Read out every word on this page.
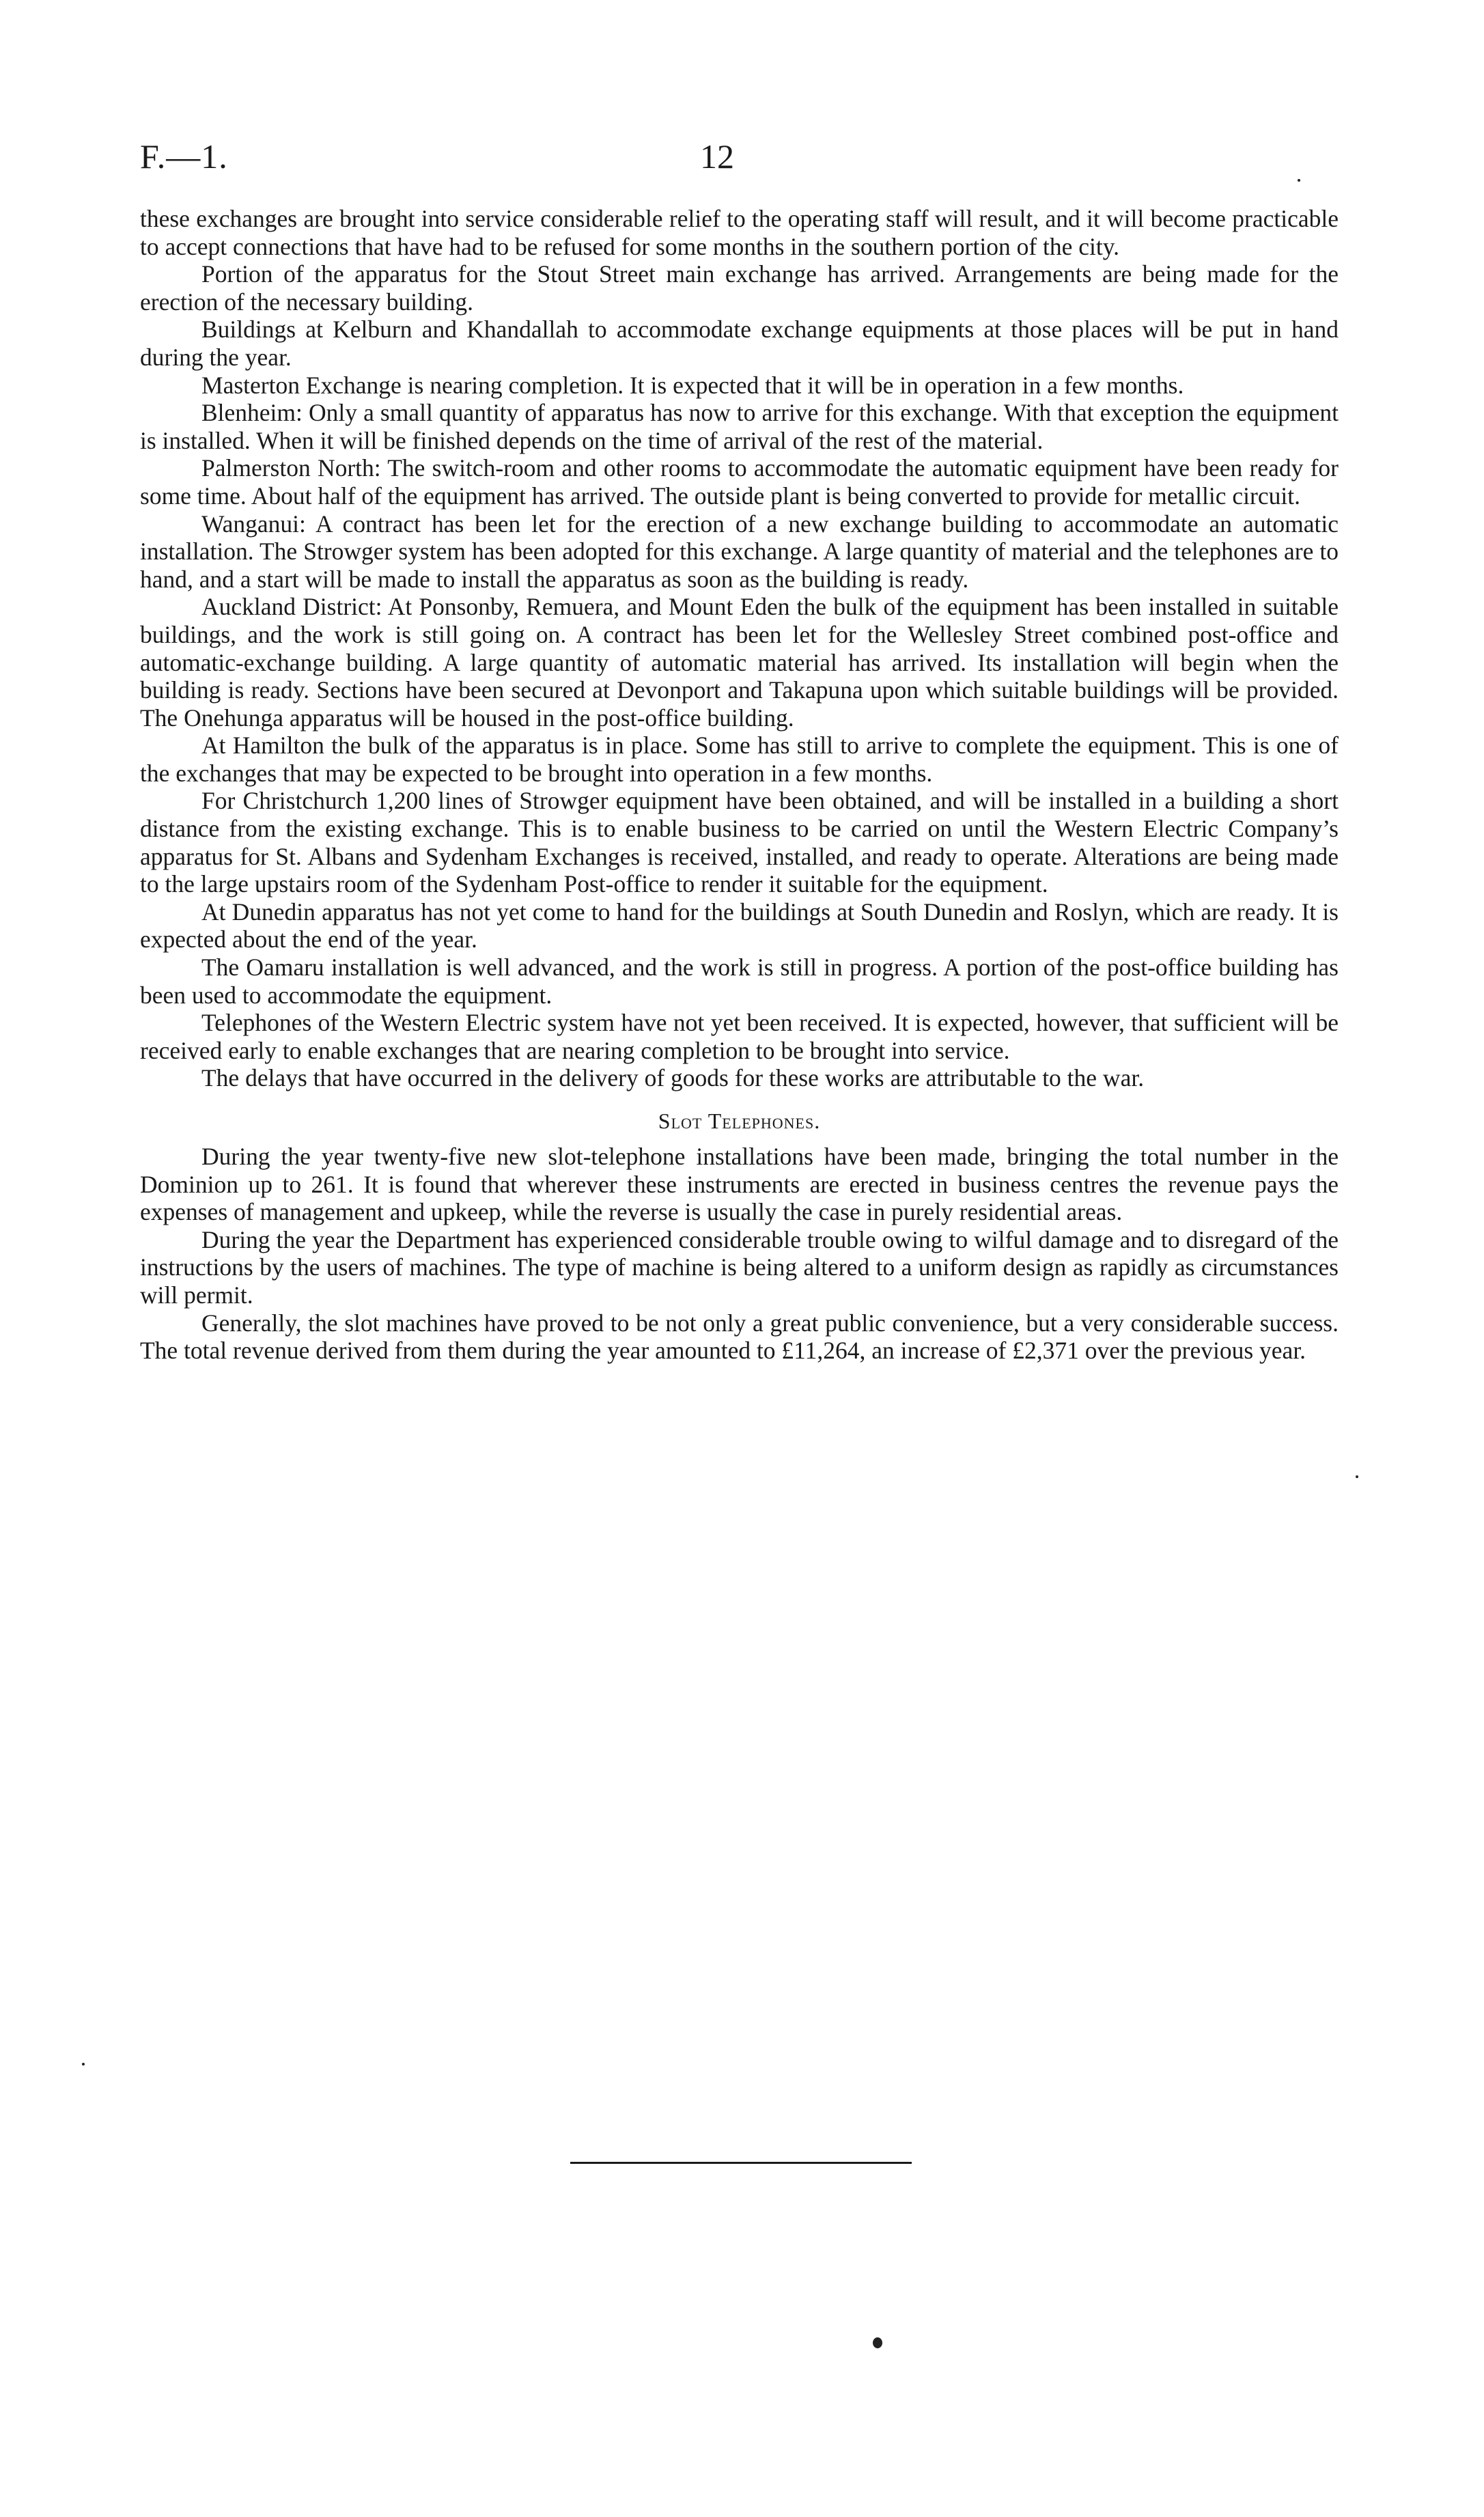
F.—1.	12

these exchanges are brought into service considerable relief to the operating staff will result, and it will become practicable to accept connections that have had to be refused for some months in the southern portion of the city.

Portion of the apparatus for the Stout Street main exchange has arrived. Arrangements are being made for the erection of the necessary building.

Buildings at Kelburn and Khandallah to accommodate exchange equipments at those places will be put in hand during the year.

Masterton Exchange is nearing completion. It is expected that it will be in operation in a few months.

Blenheim: Only a small quantity of apparatus has now to arrive for this exchange. With that exception the equipment is installed. When it will be finished depends on the time of arrival of the rest of the material.

Palmerston North: The switch-room and other rooms to accommodate the automatic equipment have been ready for some time. About half of the equipment has arrived. The outside plant is being converted to provide for metallic circuit.

Wanganui: A contract has been let for the erection of a new exchange building to accommodate an automatic installation. The Strowger system has been adopted for this exchange. A large quantity of material and the telephones are to hand, and a start will be made to install the apparatus as soon as the building is ready.

Auckland District: At Ponsonby, Remuera, and Mount Eden the bulk of the equipment has been installed in suitable buildings, and the work is still going on. A contract has been let for the Wellesley Street combined post-office and automatic-exchange building. A large quantity of automatic material has arrived. Its installation will begin when the building is ready. Sections have been secured at Devonport and Takapuna upon which suitable buildings will be provided. The Onehunga apparatus will be housed in the post-office building.

At Hamilton the bulk of the apparatus is in place. Some has still to arrive to complete the equipment. This is one of the exchanges that may be expected to be brought into operation in a few months.

For Christchurch 1,200 lines of Strowger equipment have been obtained, and will be installed in a building a short distance from the existing exchange. This is to enable business to be carried on until the Western Electric Company’s apparatus for St. Albans and Sydenham Exchanges is received, installed, and ready to operate. Alterations are being made to the large upstairs room of the Sydenham Post-office to render it suitable for the equipment.

At Dunedin apparatus has not yet come to hand for the buildings at South Dunedin and Roslyn, which are ready. It is expected about the end of the year.

The Oamaru installation is well advanced, and the work is still in progress. A portion of the post-office building has been used to accommodate the equipment.

Telephones of the Western Electric system have not yet been received. It is expected, however, that sufficient will be received early to enable exchanges that are nearing completion to be brought into service.

The delays that have occurred in the delivery of goods for these works are attributable to the war.

Slot Telephones.

During the year twenty-five new slot-telephone installations have been made, bringing the total number in the Dominion up to 261. It is found that wherever these instruments are erected in business centres the revenue pays the expenses of management and upkeep, while the reverse is usually the case in purely residential areas.

During the year the Department has experienced considerable trouble owing to wilful damage and to disregard of the instructions by the users of machines. The type of machine is being altered to a uniform design as rapidly as circumstances will permit.

Generally, the slot machines have proved to be not only a great public convenience, but a very considerable success. The total revenue derived from them during the year amounted to £11,264, an increase of £2,371 over the previous year.
